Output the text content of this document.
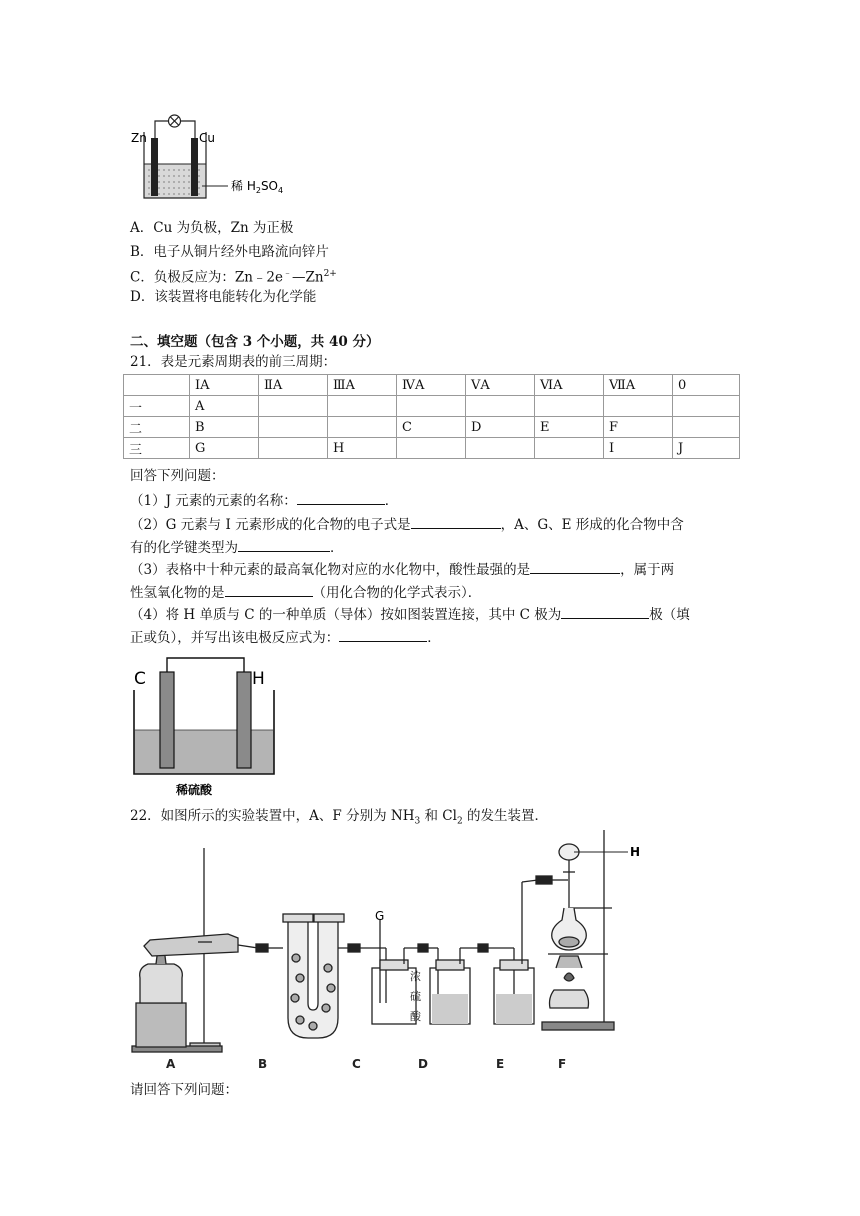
Zn	Cu
稀 $H_2SO_4$
A．Cu 为负极，Zn 为正极
B．电子从铜片经外电路流向锌片
C．负极反应为：$Zn﹣2e^﹣—Zn^{2+}$
D．该装置将电能转化为化学能
二、填空题（包含 3 个小题，共 40 分）
21．表是元素周期表的前三周期：
	ⅠA	ⅡA	ⅢA	ⅣA	ⅤA	ⅥA	ⅦA	0
一	A							
二	B			C	D	E	F	
三	G		H				I	J
回答下列问题：
（1）J 元素的元素的名称：	．
（2）G 元素与 I 元素形成的化合物的电子式是	，A、G、E 形成的化合物中含
有的化学键类型为	．
（3）表格中十种元素的最高氧化物对应的水化物中，酸性最强的是	，属于两
性氢氧化物的是	（用化合物的化学式表示）．
（4）将 H 单质与 C 的一种单质（导体）按如图装置连接，其中 C 极为	极（填
正或负），并写出该电极反应式为：	．
C	H
稀硫酸
22．如图所示的实验装置中，A、F 分别为 $NH_3$ 和 $Cl_2$ 的发生装置．
H
G
浓
硫
酸
A	B	C	D	E	F
请回答下列问题：
